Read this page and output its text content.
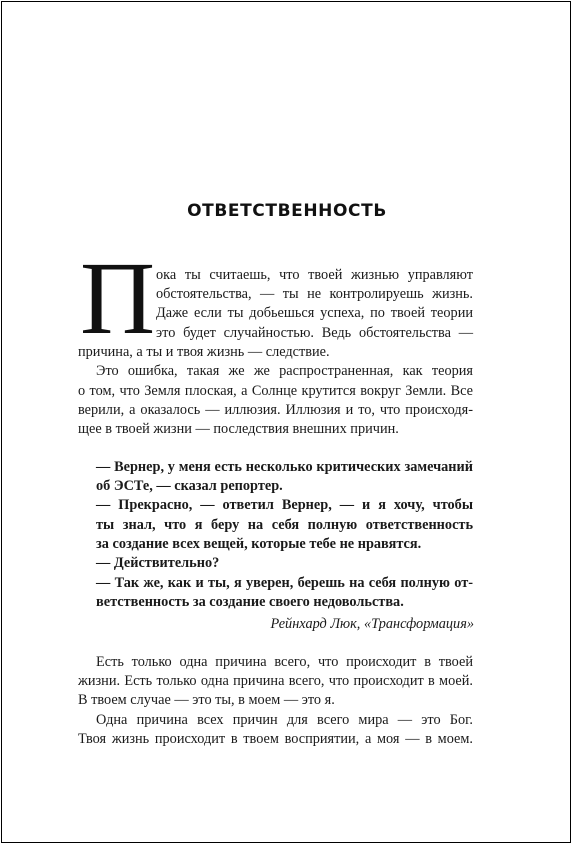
ОТВЕТСТВЕННОСТЬ
П ока ты считаешь, что твоей жизнью управляют
обстоятельства, — ты не контролируешь жизнь.
Даже если ты добьешься успеха, по твоей теории
это будет случайностью. Ведь обстоятельства —
причина, а ты и твоя жизнь — следствие.
Это ошибка, такая же же распространенная, как теория
о том, что Земля плоская, а Солнце крутится вокруг Земли. Все
верили, а оказалось — иллюзия. Иллюзия и то, что происходя-
щее в твоей жизни — последствия внешних причин.
— Вернер, у меня есть несколько критических замечаний
об ЭСТе, — сказал репортер.
— Прекрасно, — ответил Вернер, — и я хочу, чтобы
ты знал, что я беру на себя полную ответственность
за создание всех вещей, которые тебе не нравятся.
— Действительно?
— Так же, как и ты, я уверен, берешь на себя полную от-
ветственность за создание своего недовольства.
Рейнхард Люк, «Трансформация»
Есть только одна причина всего, что происходит в твоей
жизни. Есть только одна причина всего, что происходит в моей.
В твоем случае — это ты, в моем — это я.
Одна причина всех причин для всего мира — это Бог.
Твоя жизнь происходит в твоем восприятии, а моя — в моем.
